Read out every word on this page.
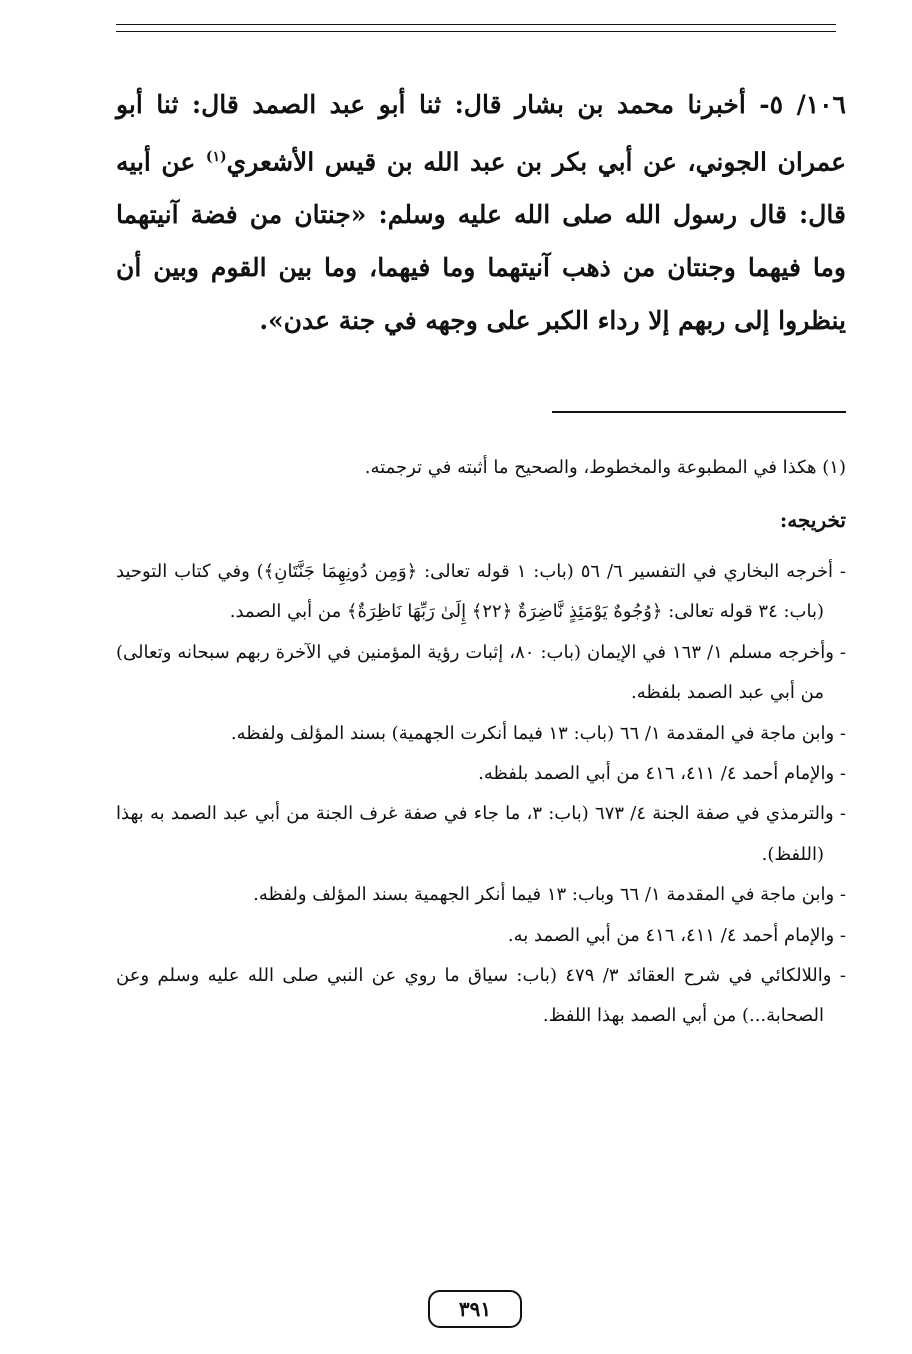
١٠٦/ ٥- أخبرنا محمد بن بشار قال: ثنا أبو عبد الصمد قال: ثنا أبو عمران الجوني، عن أبي بكر بن عبد الله بن قيس الأشعري$^{(١)}$ عن أبيه قال: قال رسول الله صلى الله عليه وسلم: «جنتان من فضة آنيتهما وما فيهما وجنتان من ذهب آنيتهما وما فيهما، وما بين القوم وبين أن ينظروا إلى ربهم إلا رداء الكبر على وجهه في جنة عدن».
(١) هكذا في المطبوعة والمخطوط، والصحيح ما أثبته في ترجمته.
تخريجه:
- أخرجه البخاري في التفسير ٦/ ٥٦ (باب: ١ قوله تعالى: ﴿وَمِن دُونِهِمَا جَنَّتَانِ﴾) وفي كتاب التوحيد (باب: ٣٤ قوله تعالى: ﴿وُجُوهٌ يَوْمَئِذٍ نَّاضِرَةٌ ﴿٢٢﴾ إِلَىٰ رَبِّهَا نَاظِرَةٌ﴾ من أبي الصمد.
- وأخرجه مسلم ١/ ١٦٣ في الإيمان (باب: ٨٠، إثبات رؤية المؤمنين في الآخرة ربهم سبحانه وتعالى) من أبي عبد الصمد بلفظه.
- وابن ماجة في المقدمة ١/ ٦٦ (باب: ١٣ فيما أنكرت الجهمية) بسند المؤلف ولفظه.
- والإمام أحمد ٤/ ٤١١، ٤١٦ من أبي الصمد بلفظه.
- والترمذي في صفة الجنة ٤/ ٦٧٣ (باب: ٣، ما جاء في صفة غرف الجنة من أبي عبد الصمد به بهذا (اللفظ).
- وابن ماجة في المقدمة ١/ ٦٦ وباب: ١٣ فيما أنكر الجهمية بسند المؤلف ولفظه.
- والإمام أحمد ٤/ ٤١١، ٤١٦ من أبي الصمد به.
- واللالكائي في شرح العقائد ٣/ ٤٧٩ (باب: سياق ما روي عن النبي صلى الله عليه وسلم وعن الصحابة...) من أبي الصمد بهذا اللفظ.
٣٩١
